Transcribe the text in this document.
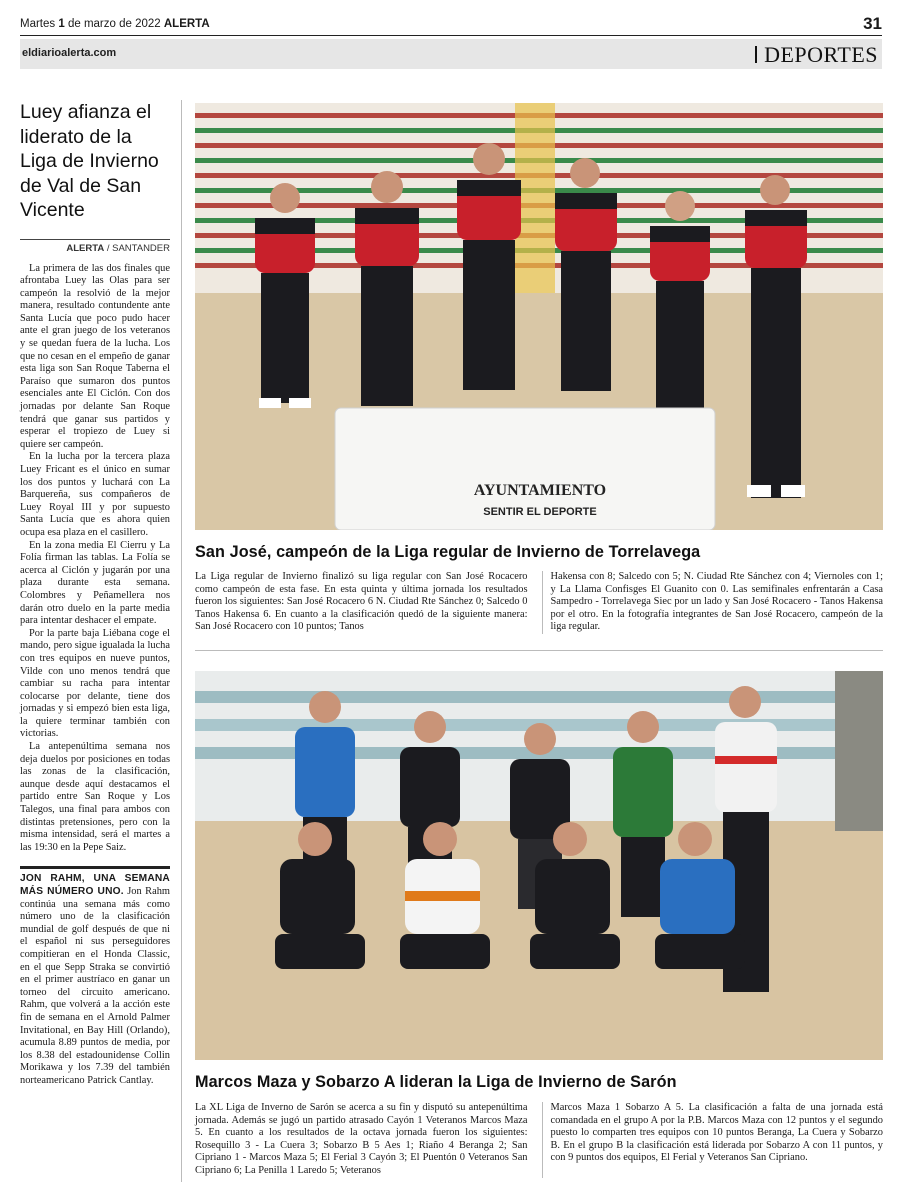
Martes 1 de marzo de 2022 ALERTA	31
eldiarioalerta.com	DEPORTES
Luey afianza el liderato de la Liga de Invierno de Val de San Vicente
ALERTA / SANTANDER

La primera de las dos finales que afrontaba Luey las Olas para ser campeón la resolvió de la mejor manera, resultado contundente ante Santa Lucía que poco pudo hacer ante el gran juego de los veteranos y se quedan fuera de la lucha. Los que no cesan en el empeño de ganar esta liga son San Roque Taberna el Paraíso que sumaron dos puntos esenciales ante El Ciclón. Con dos jornadas por delante San Roque tendrá que ganar sus partidos y esperar el tropiezo de Luey si quiere ser campeón.

En la lucha por la tercera plaza Luey Fricant es el único en sumar los dos puntos y luchará con La Barquereña, sus compañeros de Luey Royal III y por supuesto Santa Lucía que es ahora quien ocupa esa plaza en el casillero.

En la zona media El Cierru y La Folía firman las tablas. La Folía se acerca al Ciclón y jugarán por una plaza durante esta semana. Colombres y Peñamellera nos darán otro duelo en la parte media para intentar deshacer el empate.

Por la parte baja Liébana coge el mando, pero sigue igualada la lucha con tres equipos en nueve puntos, Vilde con uno menos tendrá que cambiar su racha para intentar colocarse por delante, tiene dos jornadas y si empezó bien esta liga, la quiere terminar también con victorias.

La antepenúltima semana nos deja duelos por posiciones en todas las zonas de la clasificación, aunque desde aquí destacamos el partido entre San Roque y Los Talegos, una final para ambos con distintas pretensiones, pero con la misma intensidad, será el martes a las 19:30 en la Pepe Saiz.

JON RAHM, UNA SEMANA MÁS NÚMERO UNO. Jon Rahm continúa una semana más como número uno de la clasificación mundial de golf después de que ni el español ni sus perseguidores compitieran en el Honda Classic, en el que Sepp Straka se convirtió en el primer austríaco en ganar un torneo del circuito americano. Rahm, que volverá a la acción este fin de semana en el Arnold Palmer Invitational, en Bay Hill (Orlando), acumula 8.89 puntos de media, por los 8.38 del estadounidense Collin Morikawa y los 7.39 del también norteamericano Patrick Cantlay.
AYUNTAMIENTO
SENTIR EL DEPORTE
San José, campeón de la Liga regular de Invierno de Torrelavega
La Liga regular de Invierno finalizó su liga regular con San José Rocacero como campeón de esta fase. En esta quinta y última jornada los resultados fueron los siguientes: San José Rocacero 6 N. Ciudad Rte Sánchez 0; Salcedo 0 Tanos Hakensa 6. En cuanto a la clasificación quedó de la siguiente manera: San José Rocacero con 10 puntos; Tanos
Hakensa con 8; Salcedo con 5; N. Ciudad Rte Sánchez con 4; Viernoles con 1; y La Llama Confisges El Guanito con 0. Las semifinales enfrentarán a Casa Sampedro - Torrelavega Siec por un lado y San José Rocacero - Tanos Hakensa por el otro. En la fotografía integrantes de San José Rocacero, campeón de la liga regular.
Marcos Maza y Sobarzo A lideran la Liga de Invierno de Sarón
La XL Liga de Inverno de Sarón se acerca a su fin y disputó su antepenúltima jornada. Además se jugó un partido atrasado Cayón 1 Veteranos Marcos Maza 5. En cuanto a los resultados de la octava jornada fueron los siguientes: Rosequillo 3 - La Cuera 3; Sobarzo B 5 Aes 1; Riaño 4 Beranga 2; San Cipriano 1 - Marcos Maza 5; El Ferial 3 Cayón 3; El Puentón 0 Veteranos San Cipriano 6; La Penilla 1 Laredo 5; Veteranos
Marcos Maza 1 Sobarzo A 5. La clasificación a falta de una jornada está comandada en el grupo A por la P.B. Marcos Maza con 12 puntos y el segundo puesto lo comparten tres equipos con 10 puntos Beranga, La Cuera y Sobarzo B. En el grupo B la clasificación está liderada por Sobarzo A con 11 puntos, y con 9 puntos dos equipos, El Ferial y Veteranos San Cipriano.
